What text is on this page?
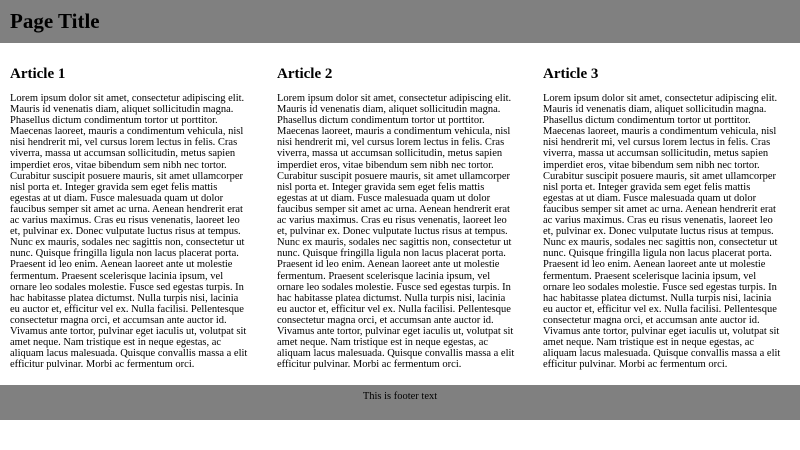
Page Title
Article 1

Lorem ipsum dolor sit amet, consectetur adipiscing elit. Mauris id venenatis diam, aliquet sollicitudin magna. Phasellus dictum condimentum tortor ut porttitor. Maecenas laoreet, mauris a condimentum vehicula, nisl nisi hendrerit mi, vel cursus lorem lectus in felis. Cras viverra, massa ut accumsan sollicitudin, metus sapien imperdiet eros, vitae bibendum sem nibh nec tortor. Curabitur suscipit posuere mauris, sit amet ullamcorper nisl porta et. Integer gravida sem eget felis mattis egestas at ut diam. Fusce malesuada quam ut dolor faucibus semper sit amet ac urna. Aenean hendrerit erat ac varius maximus. Cras eu risus venenatis, laoreet leo et, pulvinar ex. Donec vulputate luctus risus at tempus. Nunc ex mauris, sodales nec sagittis non, consectetur ut nunc. Quisque fringilla ligula non lacus placerat porta. Praesent id leo enim. Aenean laoreet ante ut molestie fermentum. Praesent scelerisque lacinia ipsum, vel ornare leo sodales molestie. Fusce sed egestas turpis. In hac habitasse platea dictumst. Nulla turpis nisi, lacinia eu auctor et, efficitur vel ex. Nulla facilisi. Pellentesque consectetur magna orci, et accumsan ante auctor id. Vivamus ante tortor, pulvinar eget iaculis ut, volutpat sit amet neque. Nam tristique est in neque egestas, ac aliquam lacus malesuada. Quisque convallis massa a elit efficitur pulvinar. Morbi ac fermentum orci.

Article 2

Lorem ipsum dolor sit amet, consectetur adipiscing elit. Mauris id venenatis diam, aliquet sollicitudin magna. Phasellus dictum condimentum tortor ut porttitor. Maecenas laoreet, mauris a condimentum vehicula, nisl nisi hendrerit mi, vel cursus lorem lectus in felis. Cras viverra, massa ut accumsan sollicitudin, metus sapien imperdiet eros, vitae bibendum sem nibh nec tortor. Curabitur suscipit posuere mauris, sit amet ullamcorper nisl porta et. Integer gravida sem eget felis mattis egestas at ut diam. Fusce malesuada quam ut dolor faucibus semper sit amet ac urna. Aenean hendrerit erat ac varius maximus. Cras eu risus venenatis, laoreet leo et, pulvinar ex. Donec vulputate luctus risus at tempus. Nunc ex mauris, sodales nec sagittis non, consectetur ut nunc. Quisque fringilla ligula non lacus placerat porta. Praesent id leo enim. Aenean laoreet ante ut molestie fermentum. Praesent scelerisque lacinia ipsum, vel ornare leo sodales molestie. Fusce sed egestas turpis. In hac habitasse platea dictumst. Nulla turpis nisi, lacinia eu auctor et, efficitur vel ex. Nulla facilisi. Pellentesque consectetur magna orci, et accumsan ante auctor id. Vivamus ante tortor, pulvinar eget iaculis ut, volutpat sit amet neque. Nam tristique est in neque egestas, ac aliquam lacus malesuada. Quisque convallis massa a elit efficitur pulvinar. Morbi ac fermentum orci.

Article 3

Lorem ipsum dolor sit amet, consectetur adipiscing elit. Mauris id venenatis diam, aliquet sollicitudin magna. Phasellus dictum condimentum tortor ut porttitor. Maecenas laoreet, mauris a condimentum vehicula, nisl nisi hendrerit mi, vel cursus lorem lectus in felis. Cras viverra, massa ut accumsan sollicitudin, metus sapien imperdiet eros, vitae bibendum sem nibh nec tortor. Curabitur suscipit posuere mauris, sit amet ullamcorper nisl porta et. Integer gravida sem eget felis mattis egestas at ut diam. Fusce malesuada quam ut dolor faucibus semper sit amet ac urna. Aenean hendrerit erat ac varius maximus. Cras eu risus venenatis, laoreet leo et, pulvinar ex. Donec vulputate luctus risus at tempus. Nunc ex mauris, sodales nec sagittis non, consectetur ut nunc. Quisque fringilla ligula non lacus placerat porta. Praesent id leo enim. Aenean laoreet ante ut molestie fermentum. Praesent scelerisque lacinia ipsum, vel ornare leo sodales molestie. Fusce sed egestas turpis. In hac habitasse platea dictumst. Nulla turpis nisi, lacinia eu auctor et, efficitur vel ex. Nulla facilisi. Pellentesque consectetur magna orci, et accumsan ante auctor id. Vivamus ante tortor, pulvinar eget iaculis ut, volutpat sit amet neque. Nam tristique est in neque egestas, ac aliquam lacus malesuada. Quisque convallis massa a elit efficitur pulvinar. Morbi ac fermentum orci.

This is footer text
